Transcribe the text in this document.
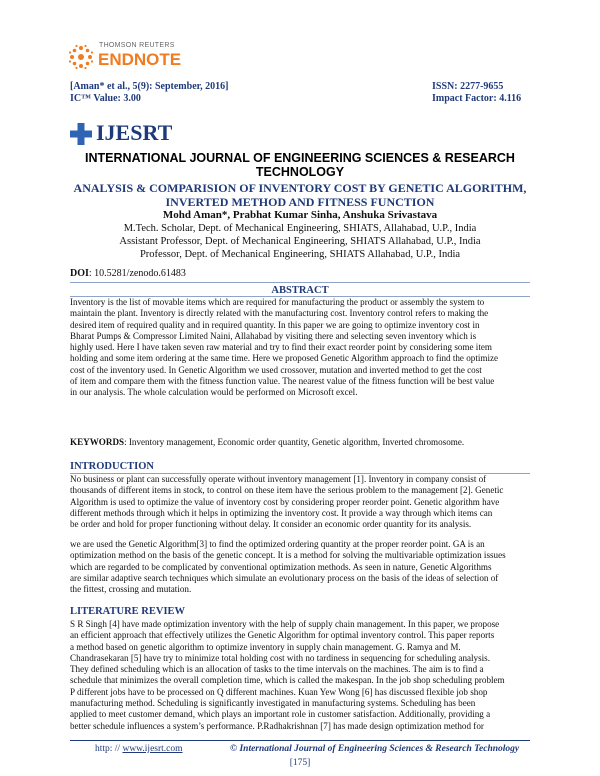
THOMSON REUTERS
ENDNOTE
[Aman* et al., 5(9): September, 2016]
IC™ Value: 3.00
ISSN: 2277-9655
Impact Factor: 4.116
IJESRT
INTERNATIONAL JOURNAL OF ENGINEERING SCIENCES & RESEARCH
TECHNOLOGY
ANALYSIS & COMPARISION OF INVENTORY COST BY GENETIC ALGORITHM,
INVERTED METHOD AND FITNESS FUNCTION
Mohd Aman*, Prabhat Kumar Sinha, Anshuka Srivastava
M.Tech. Scholar, Dept. of Mechanical Engineering, SHIATS, Allahabad, U.P., India
Assistant Professor, Dept. of Mechanical Engineering, SHIATS Allahabad, U.P., India
Professor, Dept. of Mechanical Engineering, SHIATS Allahabad, U.P., India
DOI: 10.5281/zenodo.61483
ABSTRACT
Inventory is the list of movable items which are required for manufacturing the product or assembly the system to
maintain the plant. Inventory is directly related with the manufacturing cost. Inventory control refers to making the
desired item of required quality and in required quantity. In this paper we are going to optimize inventory cost in
Bharat Pumps & Compressor Limited Naini, Allahabad by visiting there and selecting seven inventory which is
highly used. Here I have taken seven raw material and try to find their exact reorder point by considering some item
holding and some item ordering at the same time. Here we proposed Genetic Algorithm approach to find the optimize
cost of the inventory used. In Genetic Algorithm we used crossover, mutation and inverted method to get the cost
of item and compare them with the fitness function value. The nearest value of the fitness function will be best value
in our analysis. The whole calculation would be performed on Microsoft excel.
KEYWORDS: Inventory management, Economic order quantity, Genetic algorithm, Inverted chromosome.
INTRODUCTION
No business or plant can successfully operate without inventory management [1]. Inventory in company consist of
thousands of different items in stock, to control on these item have the serious problem to the management [2]. Genetic
Algorithm is used to optimize the value of inventory cost by considering proper reorder point. Genetic algorithm have
different methods through which it helps in optimizing the inventory cost. It provide a way through which items can
be order and hold for proper functioning without delay. It consider an economic order quantity for its analysis.
we are used the Genetic Algorithm[3] to find the optimized ordering quantity at the proper reorder point. GA is an
optimization method on the basis of the genetic concept. It is a method for solving the multivariable optimization issues
which are regarded to be complicated by conventional optimization methods. As seen in nature, Genetic Algorithms
are similar adaptive search techniques which simulate an evolutionary process on the basis of the ideas of selection of
the fittest, crossing and mutation.
LITERATURE REVIEW
S R Singh [4] have made optimization inventory with the help of supply chain management. In this paper, we propose
an efficient approach that effectively utilizes the Genetic Algorithm for optimal inventory control. This paper reports
a method based on genetic algorithm to optimize inventory in supply chain management. G. Ramya and M.
Chandrasekaran [5] have try to minimize total holding cost with no tardiness in sequencing for scheduling analysis.
They defined scheduling which is an allocation of tasks to the time intervals on the machines. The aim is to find a
schedule that minimizes the overall completion time, which is called the makespan. In the job shop scheduling problem
P different jobs have to be processed on Q different machines. Kuan Yew Wong [6] has discussed flexible job shop
manufacturing method. Scheduling is significantly investigated in manufacturing systems. Scheduling has been
applied to meet customer demand, which plays an important role in customer satisfaction. Additionally, providing a
better schedule influences a system’s performance. P.Radhakrishnan [7] has made design optimization method for
http: // www.ijesrt.com	© International Journal of Engineering Sciences & Research Technology
[175]
